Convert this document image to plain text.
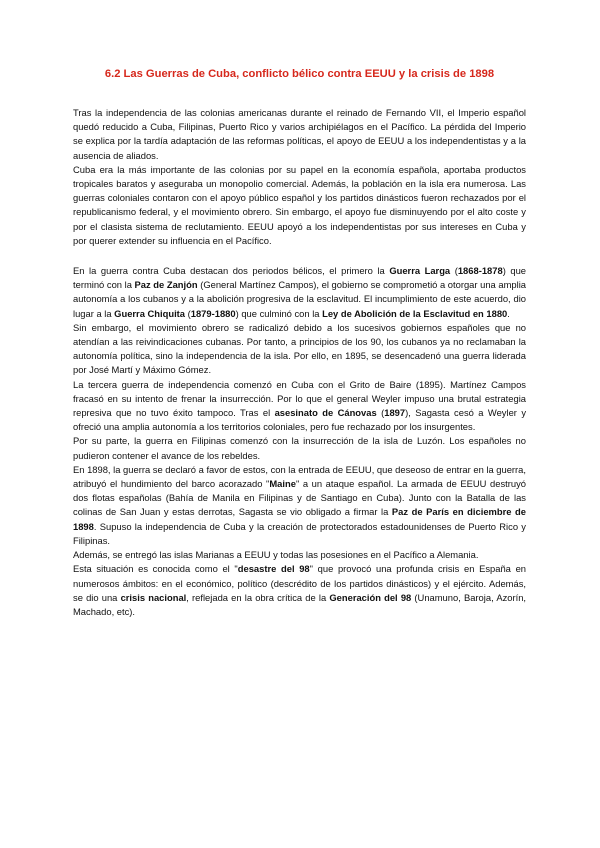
6.2 Las Guerras de Cuba, conflicto bélico contra EEUU y la crisis de 1898

Tras la independencia de las colonias americanas durante el reinado de Fernando VII, el Imperio español quedó reducido a Cuba, Filipinas, Puerto Rico y varios archipiélagos en el Pacífico. La pérdida del Imperio se explica por la tardía adaptación de las reformas políticas, el apoyo de EEUU a los independentistas y a la ausencia de aliados.

Cuba era la más importante de las colonias por su papel en la economía española, aportaba productos tropicales baratos y aseguraba un monopolio comercial. Además, la población en la isla era numerosa. Las guerras coloniales contaron con el apoyo público español y los partidos dinásticos fueron rechazados por el republicanismo federal, y el movimiento obrero. Sin embargo, el apoyo fue disminuyendo por el alto coste y por el clasista sistema de reclutamiento. EEUU apoyó a los independentistas por sus intereses en Cuba y por querer extender su influencia en el Pacífico.

En la guerra contra Cuba destacan dos periodos bélicos, el primero la Guerra Larga (1868-1878) que terminó con la Paz de Zanjón (General Martínez Campos), el gobierno se comprometió a otorgar una amplia autonomía a los cubanos y a la abolición progresiva de la esclavitud. El incumplimiento de este acuerdo, dio lugar a la Guerra Chiquita (1879-1880) que culminó con la Ley de Abolición de la Esclavitud en 1880.

Sin embargo, el movimiento obrero se radicalizó debido a los sucesivos gobiernos españoles que no atendían a las reivindicaciones cubanas. Por tanto, a principios de los 90, los cubanos ya no reclamaban la autonomía política, sino la independencia de la isla. Por ello, en 1895, se desencadenó una guerra liderada por José Martí y Máximo Gómez.

La tercera guerra de independencia comenzó en Cuba con el Grito de Baire (1895). Martínez Campos fracasó en su intento de frenar la insurrección. Por lo que el general Weyler impuso una brutal estrategia represiva que no tuvo éxito tampoco. Tras el asesinato de Cánovas (1897), Sagasta cesó a Weyler y ofreció una amplia autonomía a los territorios coloniales, pero fue rechazado por los insurgentes.

Por su parte, la guerra en Filipinas comenzó con la insurrección de la isla de Luzón. Los españoles no pudieron contener el avance de los rebeldes.

En 1898, la guerra se declaró a favor de estos, con la entrada de EEUU, que deseoso de entrar en la guerra, atribuyó el hundimiento del barco acorazado "Maine" a un ataque español. La armada de EEUU destruyó dos flotas españolas (Bahía de Manila en Filipinas y de Santiago en Cuba). Junto con la Batalla de las colinas de San Juan y estas derrotas, Sagasta se vio obligado a firmar la Paz de París en diciembre de 1898. Supuso la independencia de Cuba y la creación de protectorados estadounidenses de Puerto Rico y Filipinas.

Además, se entregó las islas Marianas a EEUU y todas las posesiones en el Pacífico a Alemania.

Esta situación es conocida como el "desastre del 98" que provocó una profunda crisis en España en numerosos ámbitos: en el económico, político (descrédito de los partidos dinásticos) y el ejército. Además, se dio una crisis nacional, reflejada en la obra crítica de la Generación del 98 (Unamuno, Baroja, Azorín, Machado, etc).
